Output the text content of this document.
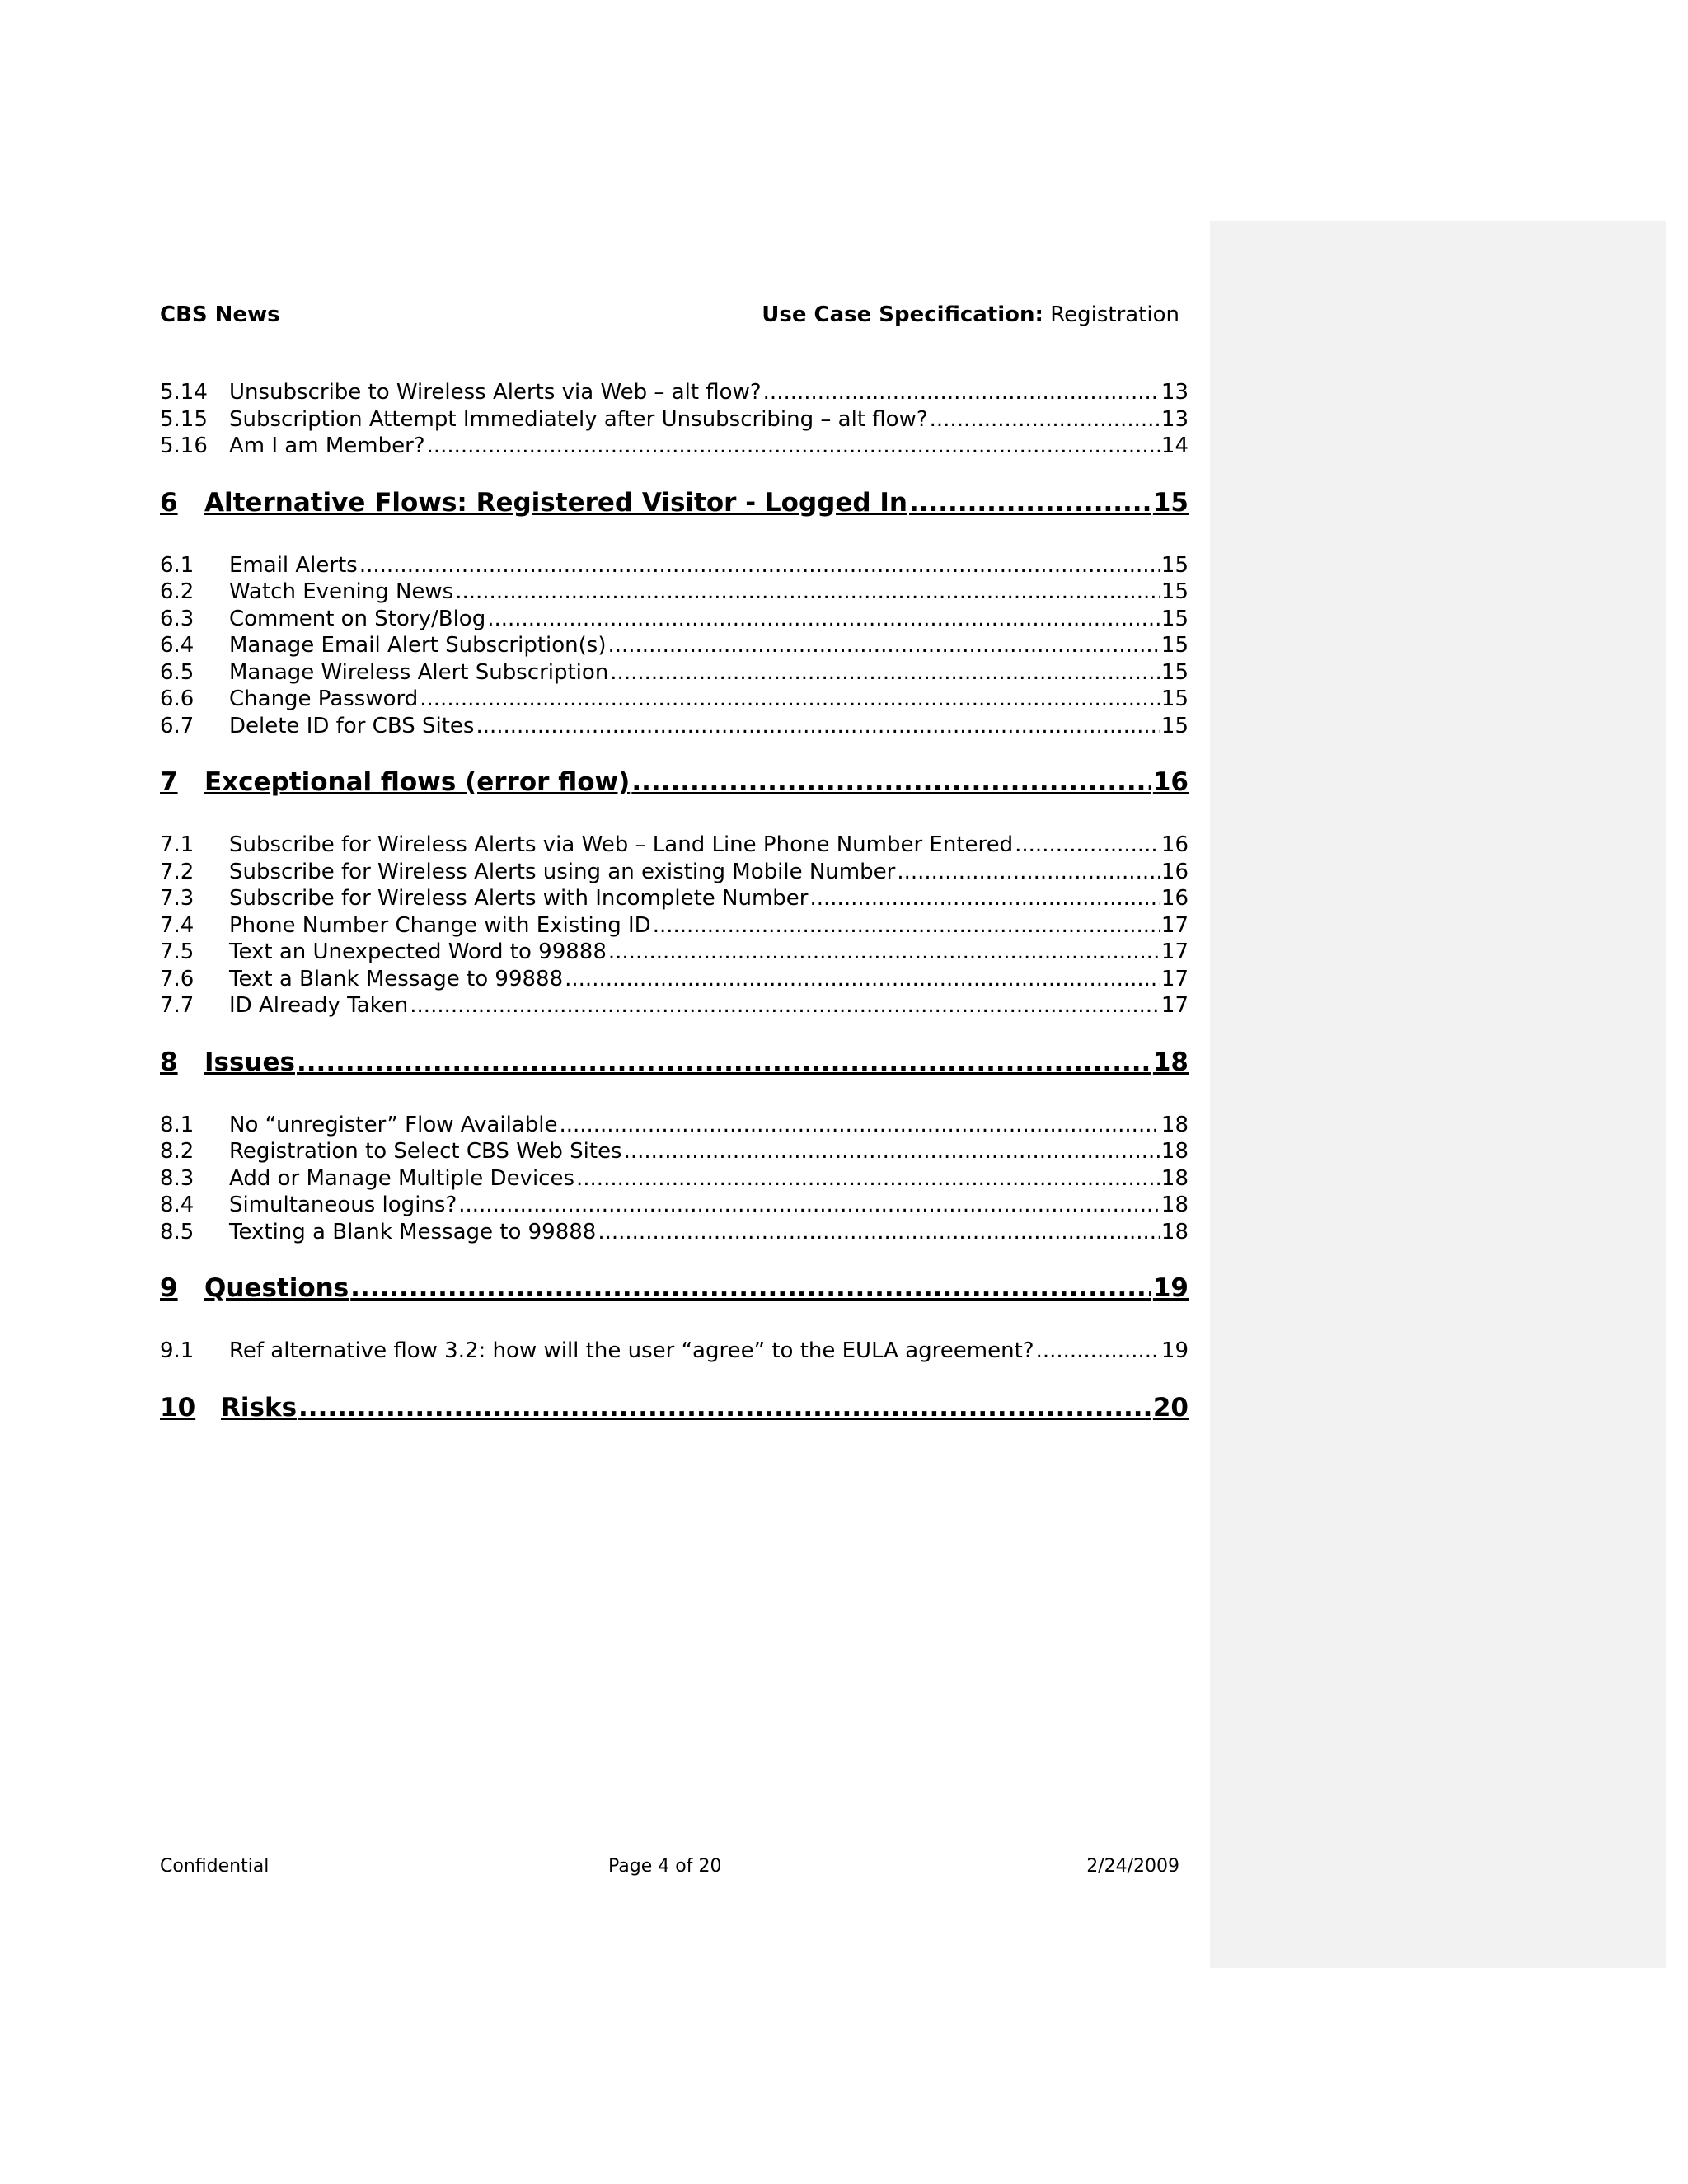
CBS News	Use Case Specification: Registration
5.14	Unsubscribe to Wireless Alerts via Web – alt flow? .....	13
5.15	Subscription Attempt Immediately after Unsubscribing – alt flow? .....	13
5.16	Am I am Member? .....	14
6	Alternative Flows: Registered Visitor - Logged In .....	15
6.1	Email Alerts .....	15
6.2	Watch Evening News .....	15
6.3	Comment on Story/Blog .....	15
6.4	Manage Email Alert Subscription(s) .....	15
6.5	Manage Wireless Alert Subscription .....	15
6.6	Change Password .....	15
6.7	Delete ID for CBS Sites .....	15
7	Exceptional flows (error flow) .....	16
7.1	Subscribe for Wireless Alerts via Web – Land Line Phone Number Entered .....	16
7.2	Subscribe for Wireless Alerts using an existing Mobile Number .....	16
7.3	Subscribe for Wireless Alerts with Incomplete Number .....	16
7.4	Phone Number Change with Existing ID .....	17
7.5	Text an Unexpected Word to 99888 .....	17
7.6	Text a Blank Message to 99888 .....	17
7.7	ID Already Taken .....	17
8	Issues .....	18
8.1	No “unregister” Flow Available .....	18
8.2	Registration to Select CBS Web Sites .....	18
8.3	Add or Manage Multiple Devices .....	18
8.4	Simultaneous logins? .....	18
8.5	Texting a Blank Message to 99888 .....	18
9	Questions .....	19
9.1	Ref alternative flow 3.2: how will the user “agree” to the EULA agreement? .....	19
10 Risks .....	20
Confidential	Page 4 of 20	2/24/2009
